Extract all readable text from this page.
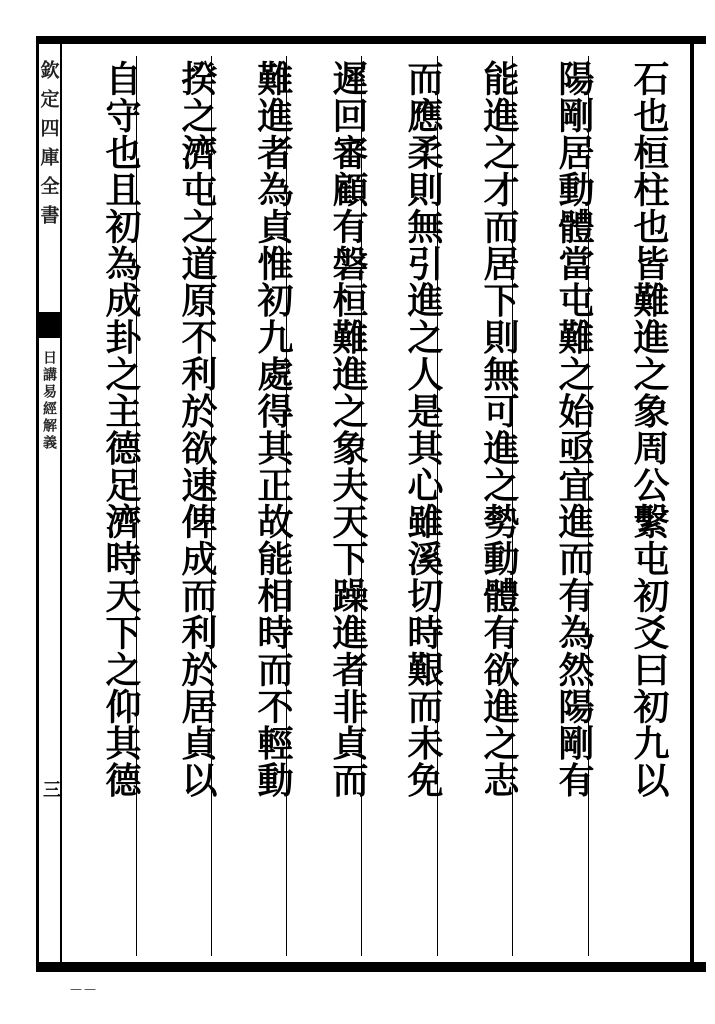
石也桓柱也皆難進之象周公繫屯初爻曰初九以
陽剛居動體當屯難之始亟宜進而有為然陽剛有
能進之才而居下則無可進之勢動體有欲進之志
而應柔則無引進之人是其心雖溪切時艱而未免
遲回審顧有磐桓難進之象夫天下躁進者非貞而
難進者為貞惟初九處得其正故能相時而不輕動
揆之濟屯之道原不利於欲速俾成而利於居貞以
自守也且初為成卦之主德足濟時天下之仰其德
欽定四庫全書
日講易經解義
三
——
